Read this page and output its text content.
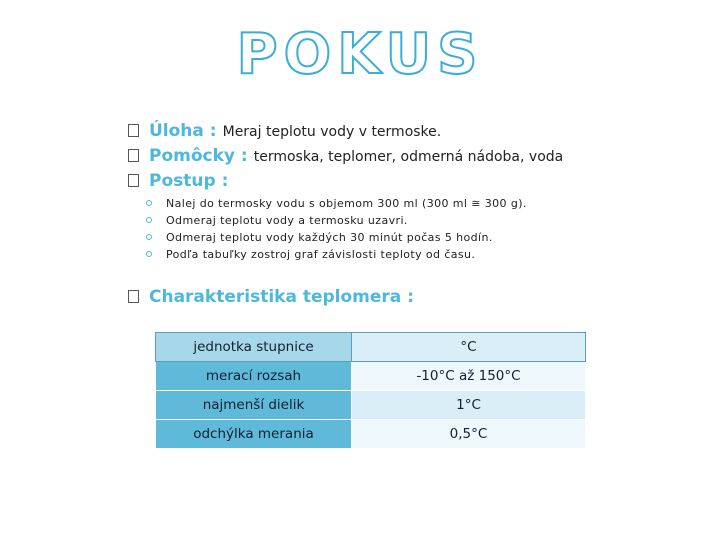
POKUS
Úloha : Meraj teplotu vody v termoske.
Pomôcky : termoska, teplomer, odmerná nádoba, voda
Postup :
Nalej do termosky vodu s objemom 300 ml (300 ml ≅ 300 g).
Odmeraj teplotu vody a termosku uzavri.
Odmeraj teplotu vody každých 30 minút počas 5 hodín.
Podľa tabuľky zostroj graf závislosti teploty od času.
Charakteristika teplomera :
jednotka stupnice	°C
merací rozsah	-10°C až 150°C
najmenší dielik	1°C
odchýlka merania	0,5°C
